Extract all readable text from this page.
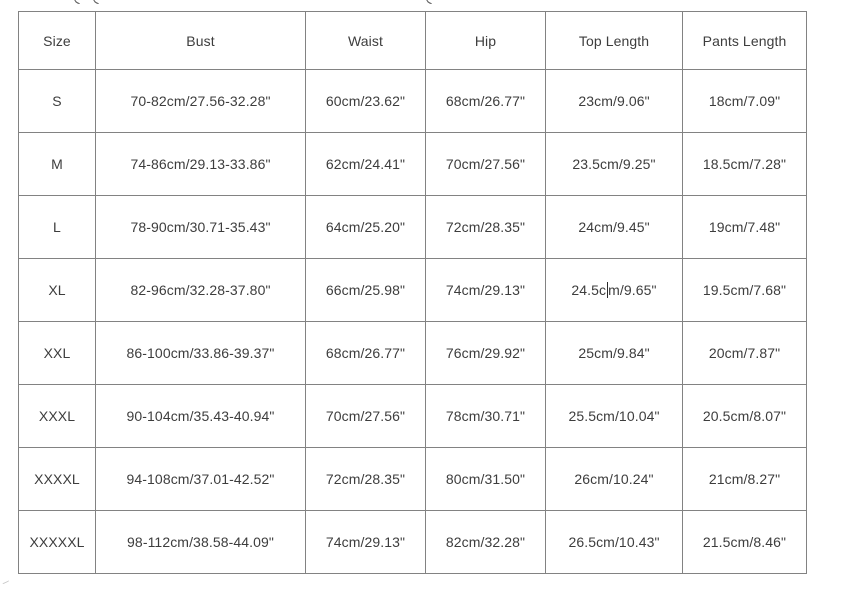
Size	Bust	Waist	Hip	Top Length	Pants Length
S	70-82cm/27.56-32.28"	60cm/23.62"	68cm/26.77"	23cm/9.06"	18cm/7.09"
M	74-86cm/29.13-33.86"	62cm/24.41"	70cm/27.56"	23.5cm/9.25"	18.5cm/7.28"
L	78-90cm/30.71-35.43"	64cm/25.20"	72cm/28.35"	24cm/9.45"	19cm/7.48"
XL	82-96cm/32.28-37.80"	66cm/25.98"	74cm/29.13"	24.5c m/9.65"	19.5cm/7.68"
XXL	86-100cm/33.86-39.37"	68cm/26.77"	76cm/29.92"	25cm/9.84"	20cm/7.87"
XXXL	90-104cm/35.43-40.94"	70cm/27.56"	78cm/30.71"	25.5cm/10.04"	20.5cm/8.07"
XXXXL	94-108cm/37.01-42.52"	72cm/28.35"	80cm/31.50"	26cm/10.24"	21cm/8.27"
XXXXXL	98-112cm/38.58-44.09"	74cm/29.13"	82cm/32.28"	26.5cm/10.43"	21.5cm/8.46"
